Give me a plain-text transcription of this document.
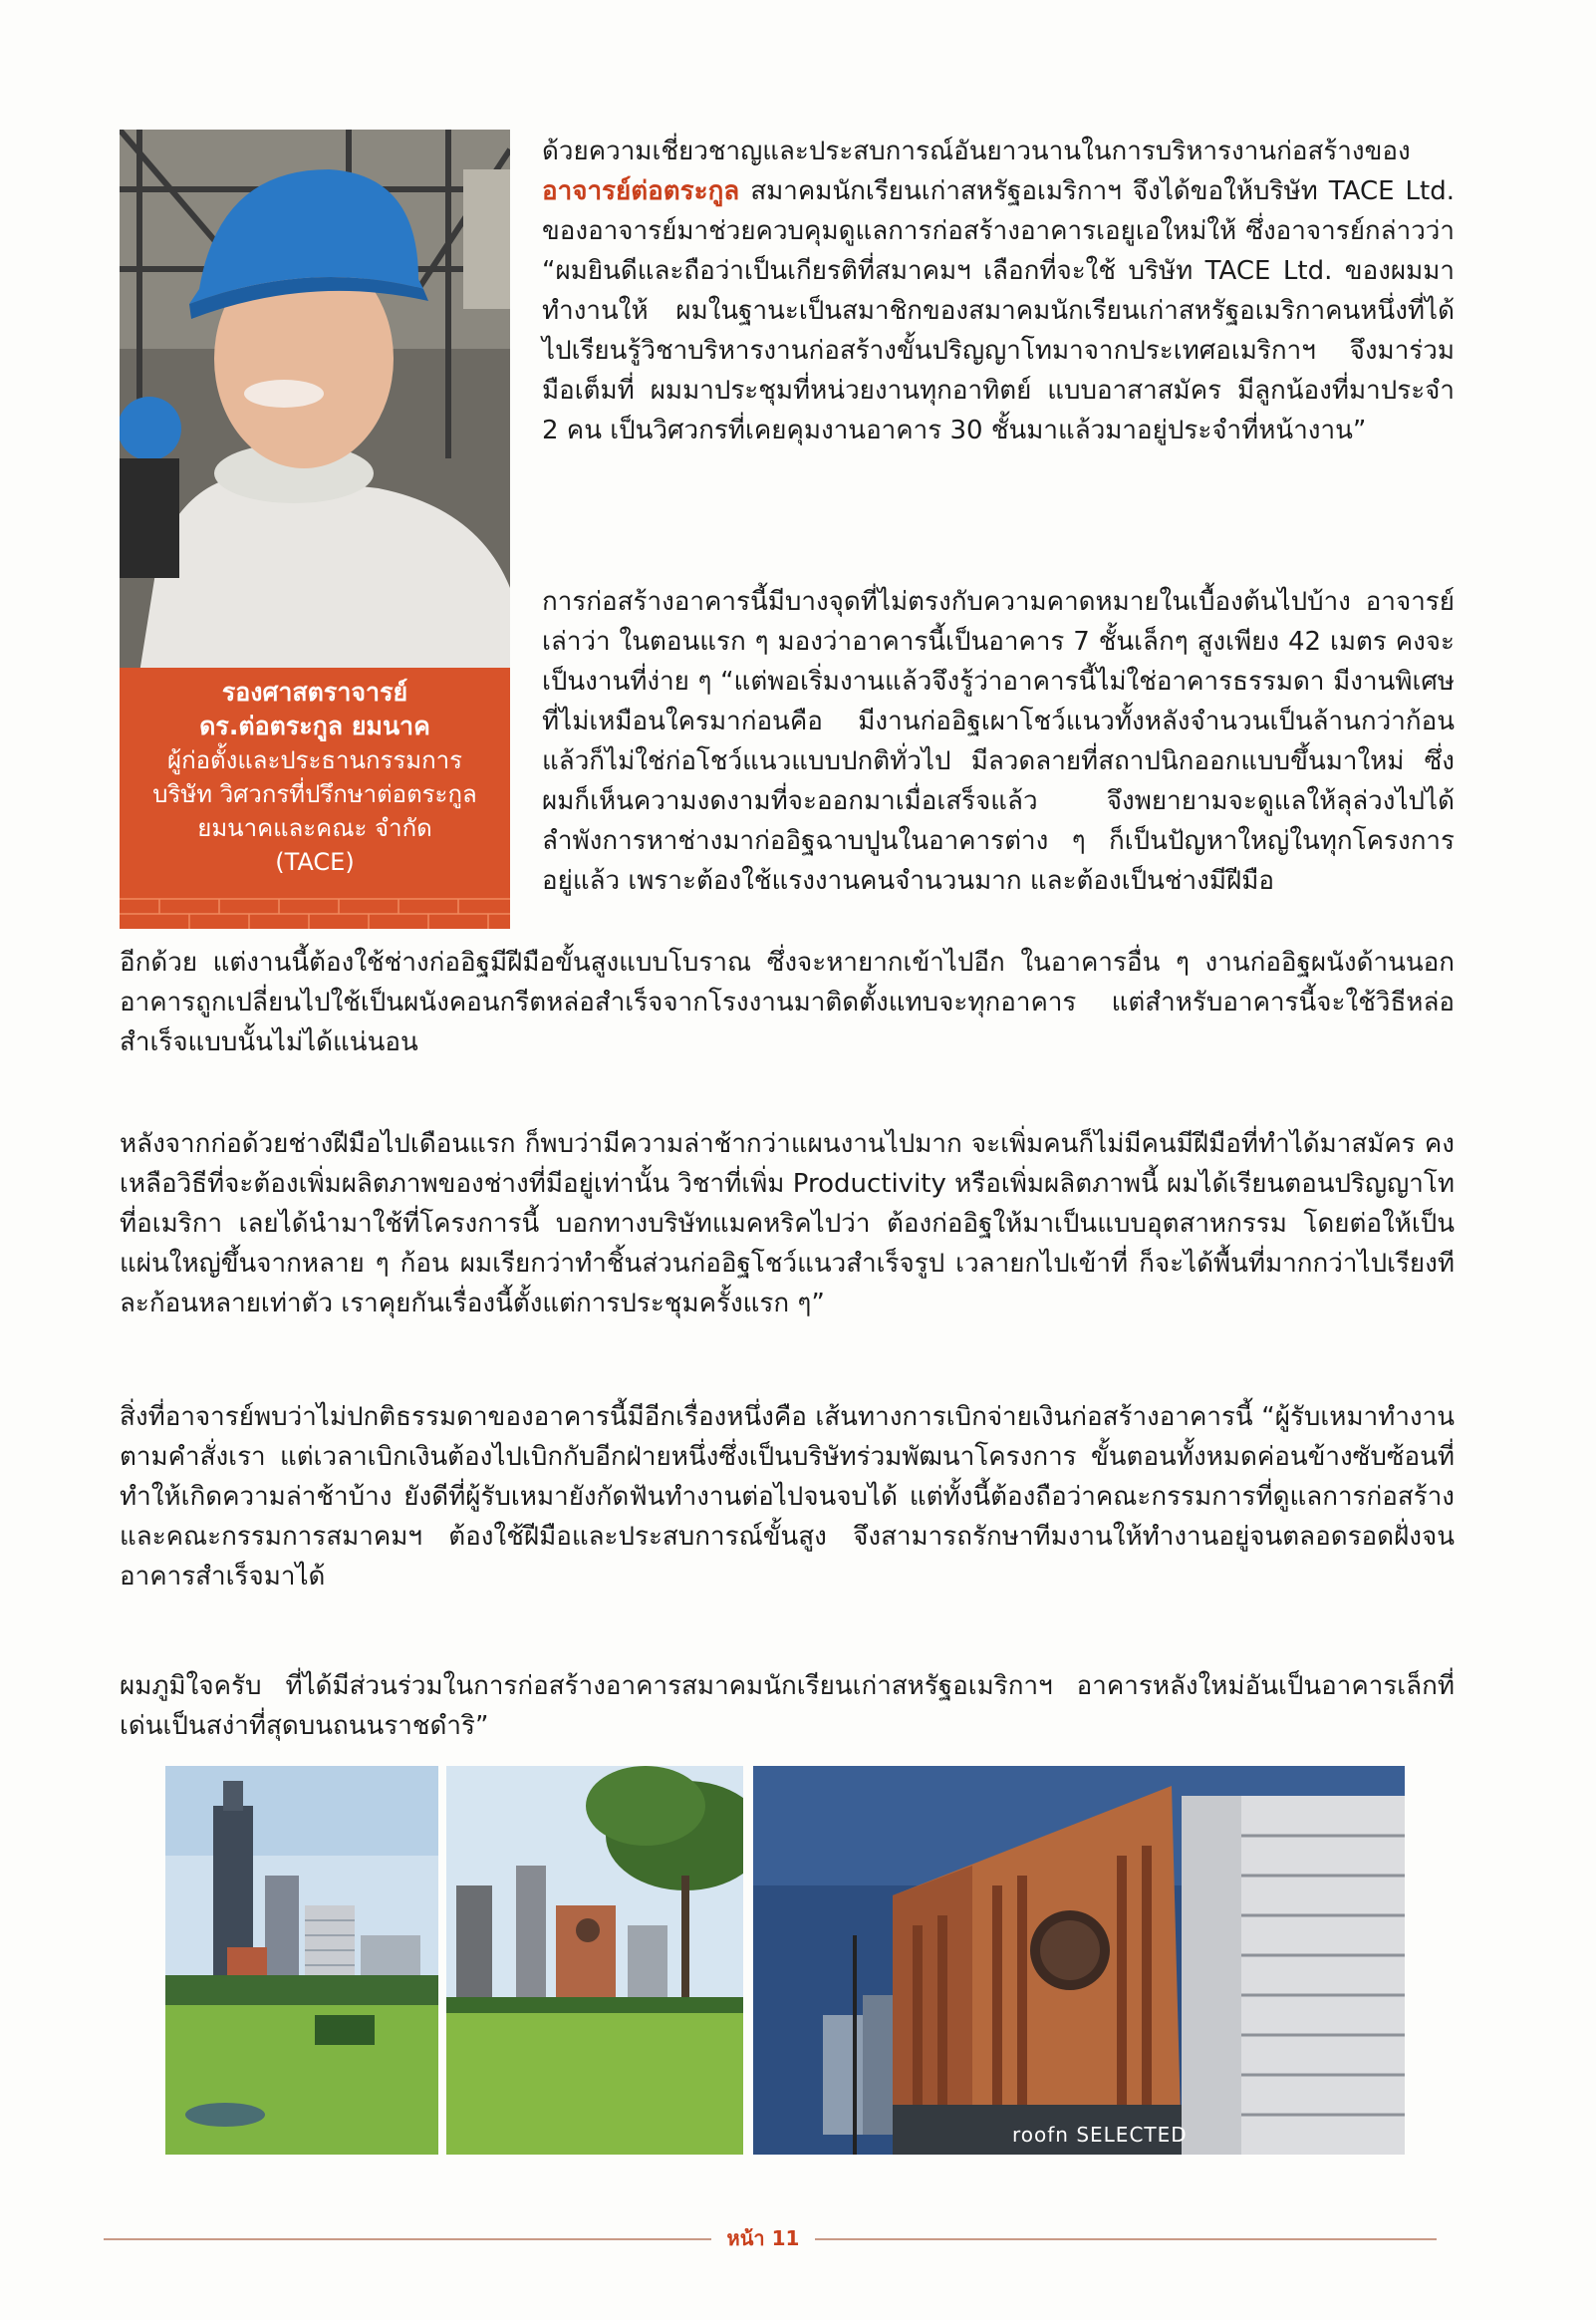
รองศาสตราจารย์
ดร.ต่อตระกูล ยมนาค
ผู้ก่อตั้งและประธานกรรมการ
บริษัท วิศวกรที่ปรึกษาต่อตระกูล
ยมนาคและคณะ จำกัด
(TACE)

ด้วยความเชี่ยวชาญและประสบการณ์อันยาวนานในการบริหารงานก่อสร้างของอาจารย์ต่อตระกูล สมาคมนักเรียนเก่าสหรัฐอเมริกาฯ จึงได้ขอให้บริษัท TACE Ltd. ของอาจารย์มาช่วยควบคุมดูแลการก่อสร้างอาคารเอยูเอใหม่ให้ ซึ่งอาจารย์กล่าวว่า “ผมยินดีและถือว่าเป็นเกียรติที่สมาคมฯ เลือกที่จะใช้ บริษัท TACE Ltd. ของผมมาทำงานให้ ผมในฐานะเป็นสมาชิกของสมาคมนักเรียนเก่าสหรัฐอเมริกาคนหนึ่งที่ได้ไปเรียนรู้วิชาบริหารงานก่อสร้างขั้นปริญญาโทมาจากประเทศอเมริกาฯ จึงมาร่วมมือเต็มที่ ผมมาประชุมที่หน่วยงานทุกอาทิตย์ แบบอาสาสมัคร มีลูกน้องที่มาประจำ 2 คน เป็นวิศวกรที่เคยคุมงานอาคาร 30 ชั้นมาแล้วมาอยู่ประจำที่หน้างาน”

การก่อสร้างอาคารนี้มีบางจุดที่ไม่ตรงกับความคาดหมายในเบื้องต้นไปบ้าง อาจารย์เล่าว่า ในตอนแรก ๆ มองว่าอาคารนี้เป็นอาคาร 7 ชั้นเล็กๆ สูงเพียง 42 เมตร คงจะเป็นงานที่ง่าย ๆ “แต่พอเริ่มงานแล้วจึงรู้ว่าอาคารนี้ไม่ใช่อาคารธรรมดา มีงานพิเศษที่ไม่เหมือนใครมาก่อนคือ มีงานก่ออิฐเผาโชว์แนวทั้งหลังจำนวนเป็นล้านกว่าก้อน แล้วก็ไม่ใช่ก่อโชว์แนวแบบปกติทั่วไป มีลวดลายที่สถาปนิกออกแบบขึ้นมาใหม่ ซึ่งผมก็เห็นความงดงามที่จะออกมาเมื่อเสร็จแล้ว จึงพยายามจะดูแลให้ลุล่วงไปได้ ลำพังการหาช่างมาก่ออิฐฉาบปูนในอาคารต่าง ๆ ก็เป็นปัญหาใหญ่ในทุกโครงการอยู่แล้ว เพราะต้องใช้แรงงานคนจำนวนมาก และต้องเป็นช่างมีฝีมือ

อีกด้วย แต่งานนี้ต้องใช้ช่างก่ออิฐมีฝีมือขั้นสูงแบบโบราณ ซึ่งจะหายากเข้าไปอีก ในอาคารอื่น ๆ งานก่ออิฐผนังด้านนอกอาคารถูกเปลี่ยนไปใช้เป็นผนังคอนกรีตหล่อสำเร็จจากโรงงานมาติดตั้งแทบจะทุกอาคาร แต่สำหรับอาคารนี้จะใช้วิธีหล่อสำเร็จแบบนั้นไม่ได้แน่นอน

หลังจากก่อด้วยช่างฝีมือไปเดือนแรก ก็พบว่ามีความล่าช้ากว่าแผนงานไปมาก จะเพิ่มคนก็ไม่มีคนมีฝีมือที่ทำได้มาสมัคร คงเหลือวิธีที่จะต้องเพิ่มผลิตภาพของช่างที่มีอยู่เท่านั้น วิชาที่เพิ่ม Productivity หรือเพิ่มผลิตภาพนี้ ผมได้เรียนตอนปริญญาโทที่อเมริกา เลยได้นำมาใช้ที่โครงการนี้ บอกทางบริษัทแมคหริคไปว่า ต้องก่ออิฐให้มาเป็นแบบอุตสาหกรรม โดยต่อให้เป็นแผ่นใหญ่ขึ้นจากหลาย ๆ ก้อน ผมเรียกว่าทำชิ้นส่วนก่ออิฐโชว์แนวสำเร็จรูป เวลายกไปเข้าที่ ก็จะได้พื้นที่มากกว่าไปเรียงทีละก้อนหลายเท่าตัว เราคุยกันเรื่องนี้ตั้งแต่การประชุมครั้งแรก ๆ”

สิ่งที่อาจารย์พบว่าไม่ปกติธรรมดาของอาคารนี้มีอีกเรื่องหนึ่งคือ เส้นทางการเบิกจ่ายเงินก่อสร้างอาคารนี้ “ผู้รับเหมาทำงานตามคำสั่งเรา แต่เวลาเบิกเงินต้องไปเบิกกับอีกฝ่ายหนึ่งซึ่งเป็นบริษัทร่วมพัฒนาโครงการ ขั้นตอนทั้งหมดค่อนข้างซับซ้อนที่ทำให้เกิดความล่าช้าบ้าง ยังดีที่ผู้รับเหมายังกัดฟันทำงานต่อไปจนจบได้ แต่ทั้งนี้ต้องถือว่าคณะกรรมการที่ดูแลการก่อสร้าง และคณะกรรมการสมาคมฯ ต้องใช้ฝีมือและประสบการณ์ขั้นสูง จึงสามารถรักษาทีมงานให้ทำงานอยู่จนตลอดรอดฝั่งจนอาคารสำเร็จมาได้

ผมภูมิใจครับ ที่ได้มีส่วนร่วมในการก่อสร้างอาคารสมาคมนักเรียนเก่าสหรัฐอเมริกาฯ อาคารหลังใหม่อันเป็นอาคารเล็กที่เด่นเป็นสง่าที่สุดบนถนนราชดำริ”

roofn SELECTED
หน้า 11
